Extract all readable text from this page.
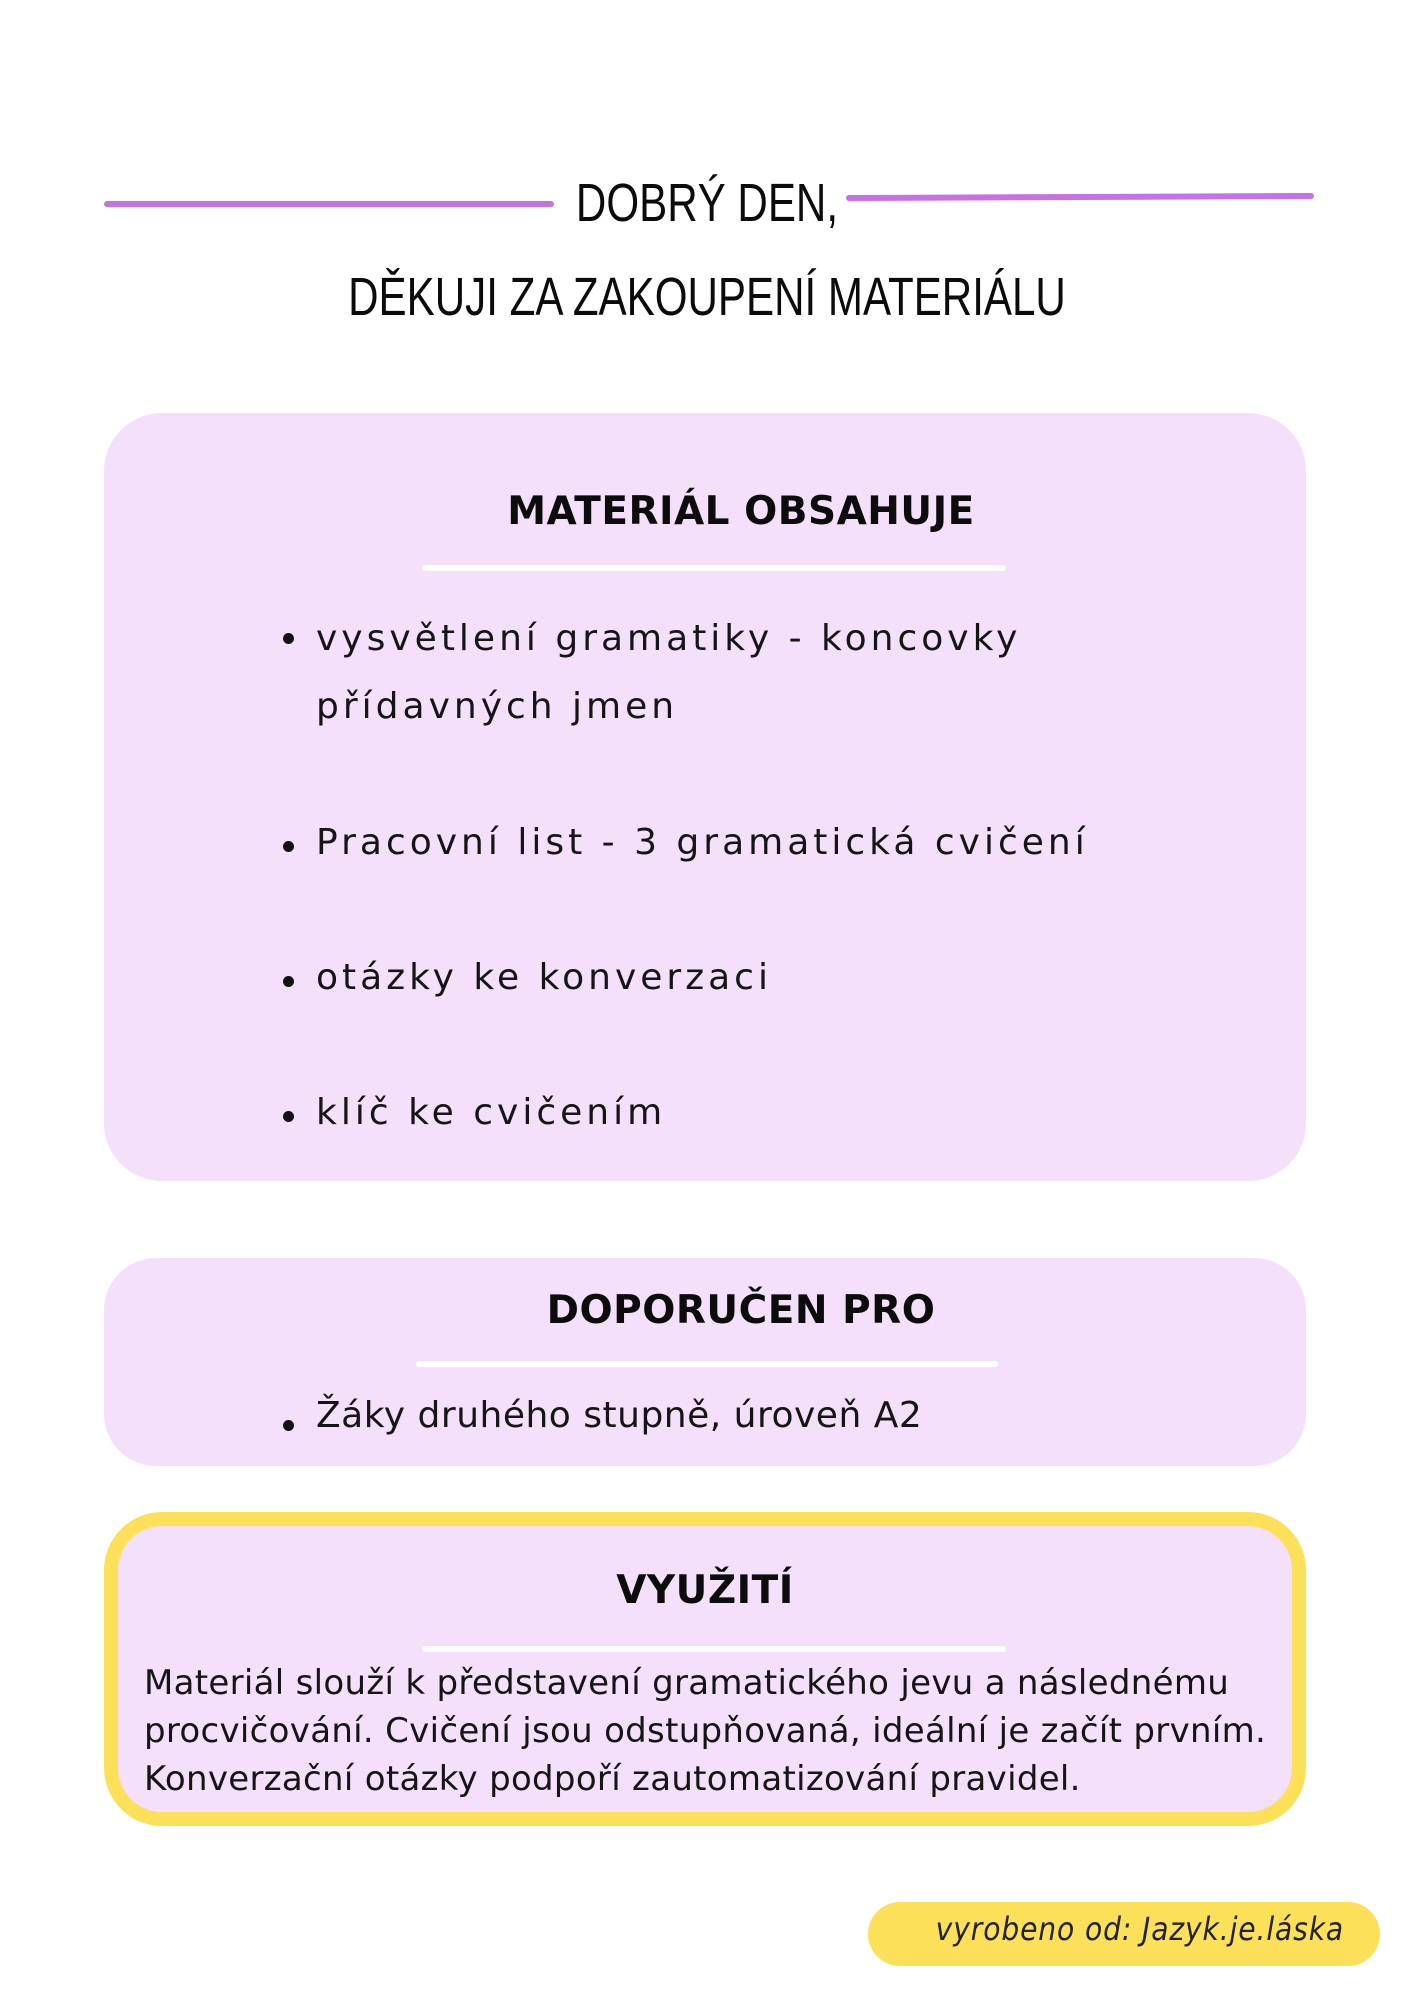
DOBRÝ DEN,
DĚKUJI ZA ZAKOUPENÍ MATERIÁLU
MATERIÁL OBSAHUJE
vysvětlení gramatiky - koncovky přídavných jmen
Pracovní list - 3 gramatická cvičení
otázky ke konverzaci
klíč ke cvičením
DOPORUČEN PRO
Žáky druhého stupně, úroveň A2
VYUŽITÍ
Materiál slouží k představení gramatického jevu a následnému procvičování. Cvičení jsou odstupňovaná, ideální je začít prvním. Konverzační otázky podpoří zautomatizování pravidel.
vyrobeno od: Jazyk.je.láska
